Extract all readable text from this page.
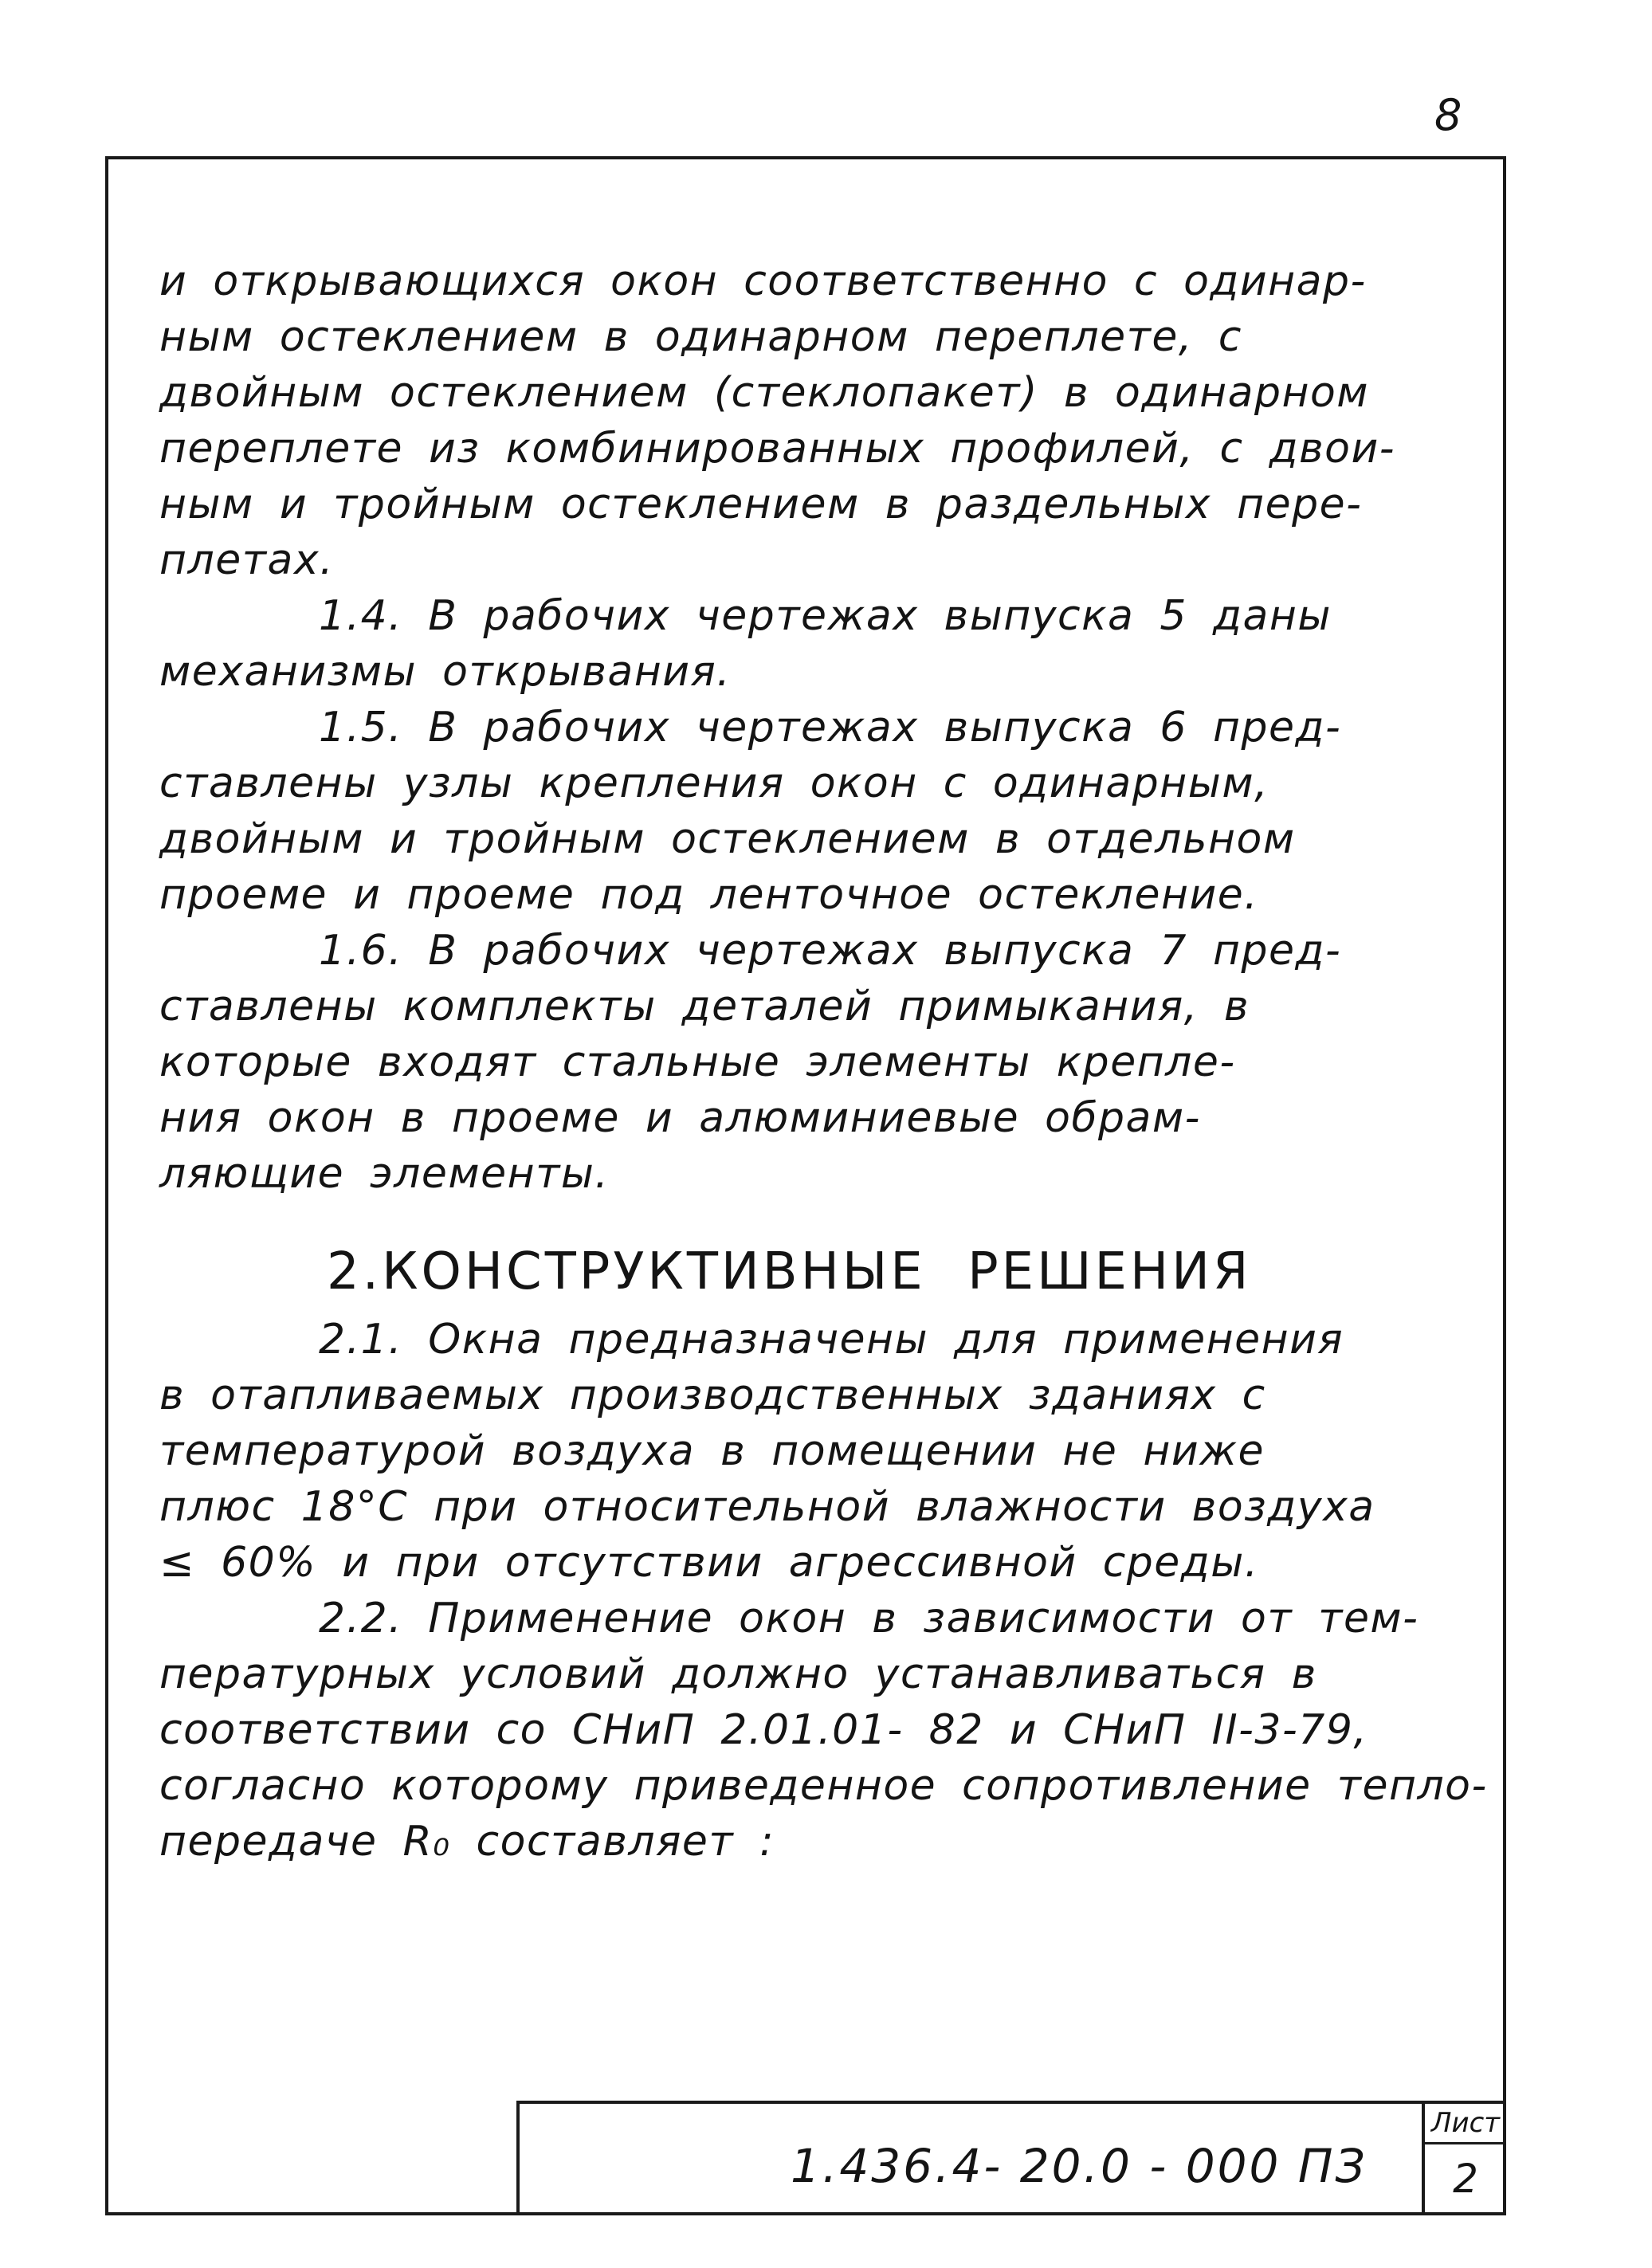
8
и открывающихся окон соответственно с одинар-
ным остеклением в одинарном переплете, с
двойным остеклением (стеклопакет) в одинарном
переплете из комбинированных профилей, с двои-
ным и тройным остеклением в раздельных пере-
плетах.
1.4. В рабочих чертежах выпуска 5 даны
механизмы открывания.
1.5. В рабочих чертежах выпуска 6 пред-
ставлены узлы крепления окон с одинарным,
двойным и тройным остеклением в отдельном
проеме и проеме под ленточное остекление.
1.6. В рабочих чертежах выпуска 7 пред-
ставлены комплекты деталей примыкания, в
которые входят стальные элементы крепле-
ния окон в проеме и алюминиевые обрам-
ляющие элементы.
2.КОНСТРУКТИВНЫЕ РЕШЕНИЯ
2.1. Окна предназначены для применения
в отапливаемых производственных зданиях с
температурой воздуха в помещении не ниже
плюс 18°С при относительной влажности воздуха
≤ 60% и при отсутствии агрессивной среды.
2.2. Применение окон в зависимости от тем-
пературных условий должно устанавливаться в
соответствии со СНиП 2.01.01- 82 и СНиП II-3-79,
согласно которому приведенное сопротивление тепло-
передаче R₀ составляет :
1.436.4- 20.0 - 000 ПЗ
Лист
2
